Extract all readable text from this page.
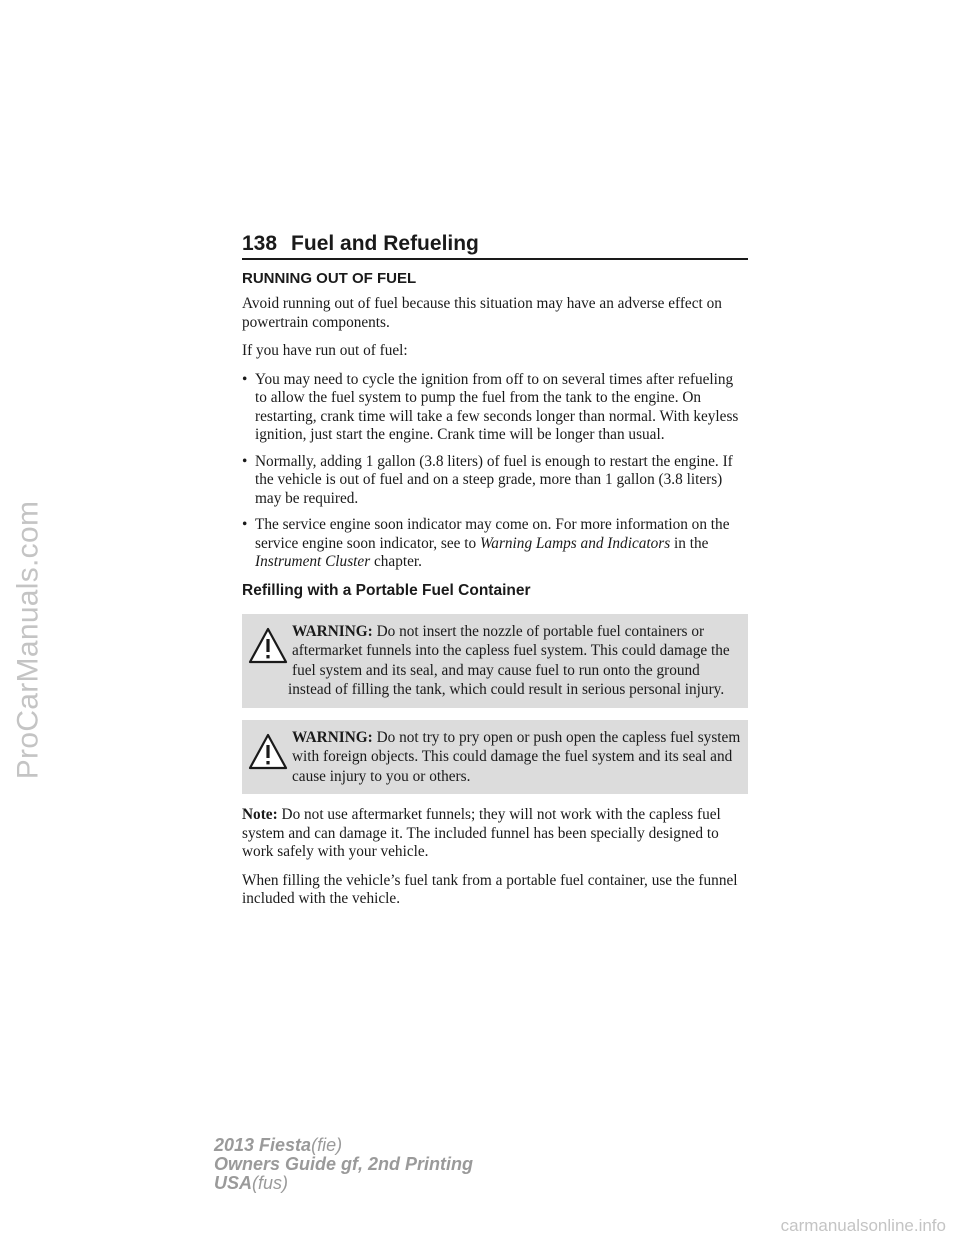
ProCarManuals.com
138 Fuel and Refueling
RUNNING OUT OF FUEL

Avoid running out of fuel because this situation may have an adverse effect on powertrain components.

If you have run out of fuel:

• You may need to cycle the ignition from off to on several times after refueling to allow the fuel system to pump the fuel from the tank to the engine. On restarting, crank time will take a few seconds longer than normal. With keyless ignition, just start the engine. Crank time will be longer than usual.
• Normally, adding 1 gallon (3.8 liters) of fuel is enough to restart the engine. If the vehicle is out of fuel and on a steep grade, more than 1 gallon (3.8 liters) may be required.
• The service engine soon indicator may come on. For more information on the service engine soon indicator, see to Warning Lamps and Indicators in the Instrument Cluster chapter.
Refilling with a Portable Fuel Container
WARNING: Do not insert the nozzle of portable fuel containers or aftermarket funnels into the capless fuel system. This could damage the fuel system and its seal, and may cause fuel to run onto the ground instead of filling the tank, which could result in serious personal injury.
WARNING: Do not try to pry open or push open the capless fuel system with foreign objects. This could damage the fuel system and its seal and cause injury to you or others.

Note: Do not use aftermarket funnels; they will not work with the capless fuel system and can damage it. The included funnel has been specially designed to work safely with your vehicle.

When filling the vehicle’s fuel tank from a portable fuel container, use the funnel included with the vehicle.

2013 Fiesta(fie)
Owners Guide gf, 2nd Printing
USA(fus)
carmanualsonline.info
